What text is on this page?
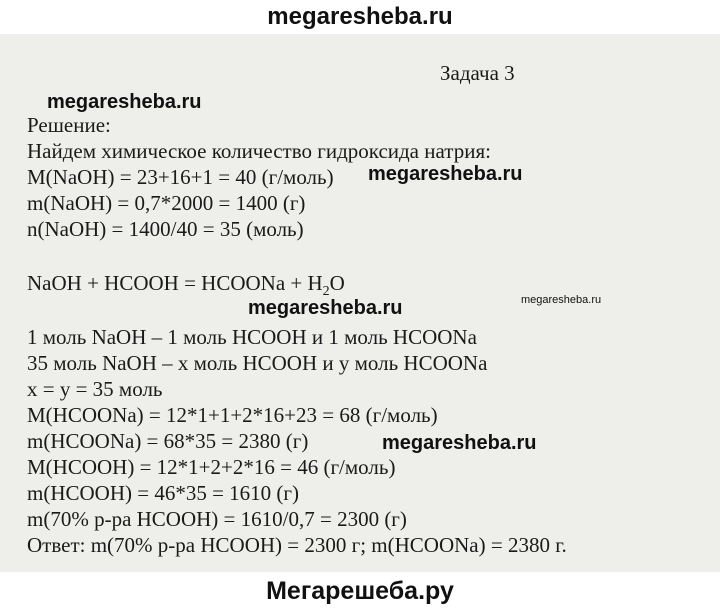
megaresheba.ru
Задача 3
Решение:
Найдем химическое количество гидроксида натрия:
M(NaOH) = 23+16+1 = 40 (г/моль)
m(NaOH) = 0,7*2000 = 1400 (г)
n(NaOH) = 1400/40 = 35 (моль)
NaOH + HCOOH = HCOONa + $H_2O$
1 моль NaOH – 1 моль HCOOH и 1 моль HCOONa
35 моль NaOH – x моль HCOOH и y моль HCOONa
x = y = 35 моль
M(HCOONa) = 12*1+1+2*16+23 = 68 (г/моль)
m(HCOONa) = 68*35 = 2380 (г)
M(HCOOH) = 12*1+2+2*16 = 46 (г/моль)
m(HCOOH) = 46*35 = 1610 (г)
m(70% р-ра HCOOH) = 1610/0,7 = 2300 (г)
Ответ: m(70% р-ра HCOOH) = 2300 г; m(HCOONa) = 2380 г.
megaresheba.ru
megaresheba.ru
megaresheba.ru	megaresheba.ru
megaresheba.ru
Мегарешеба.ру
